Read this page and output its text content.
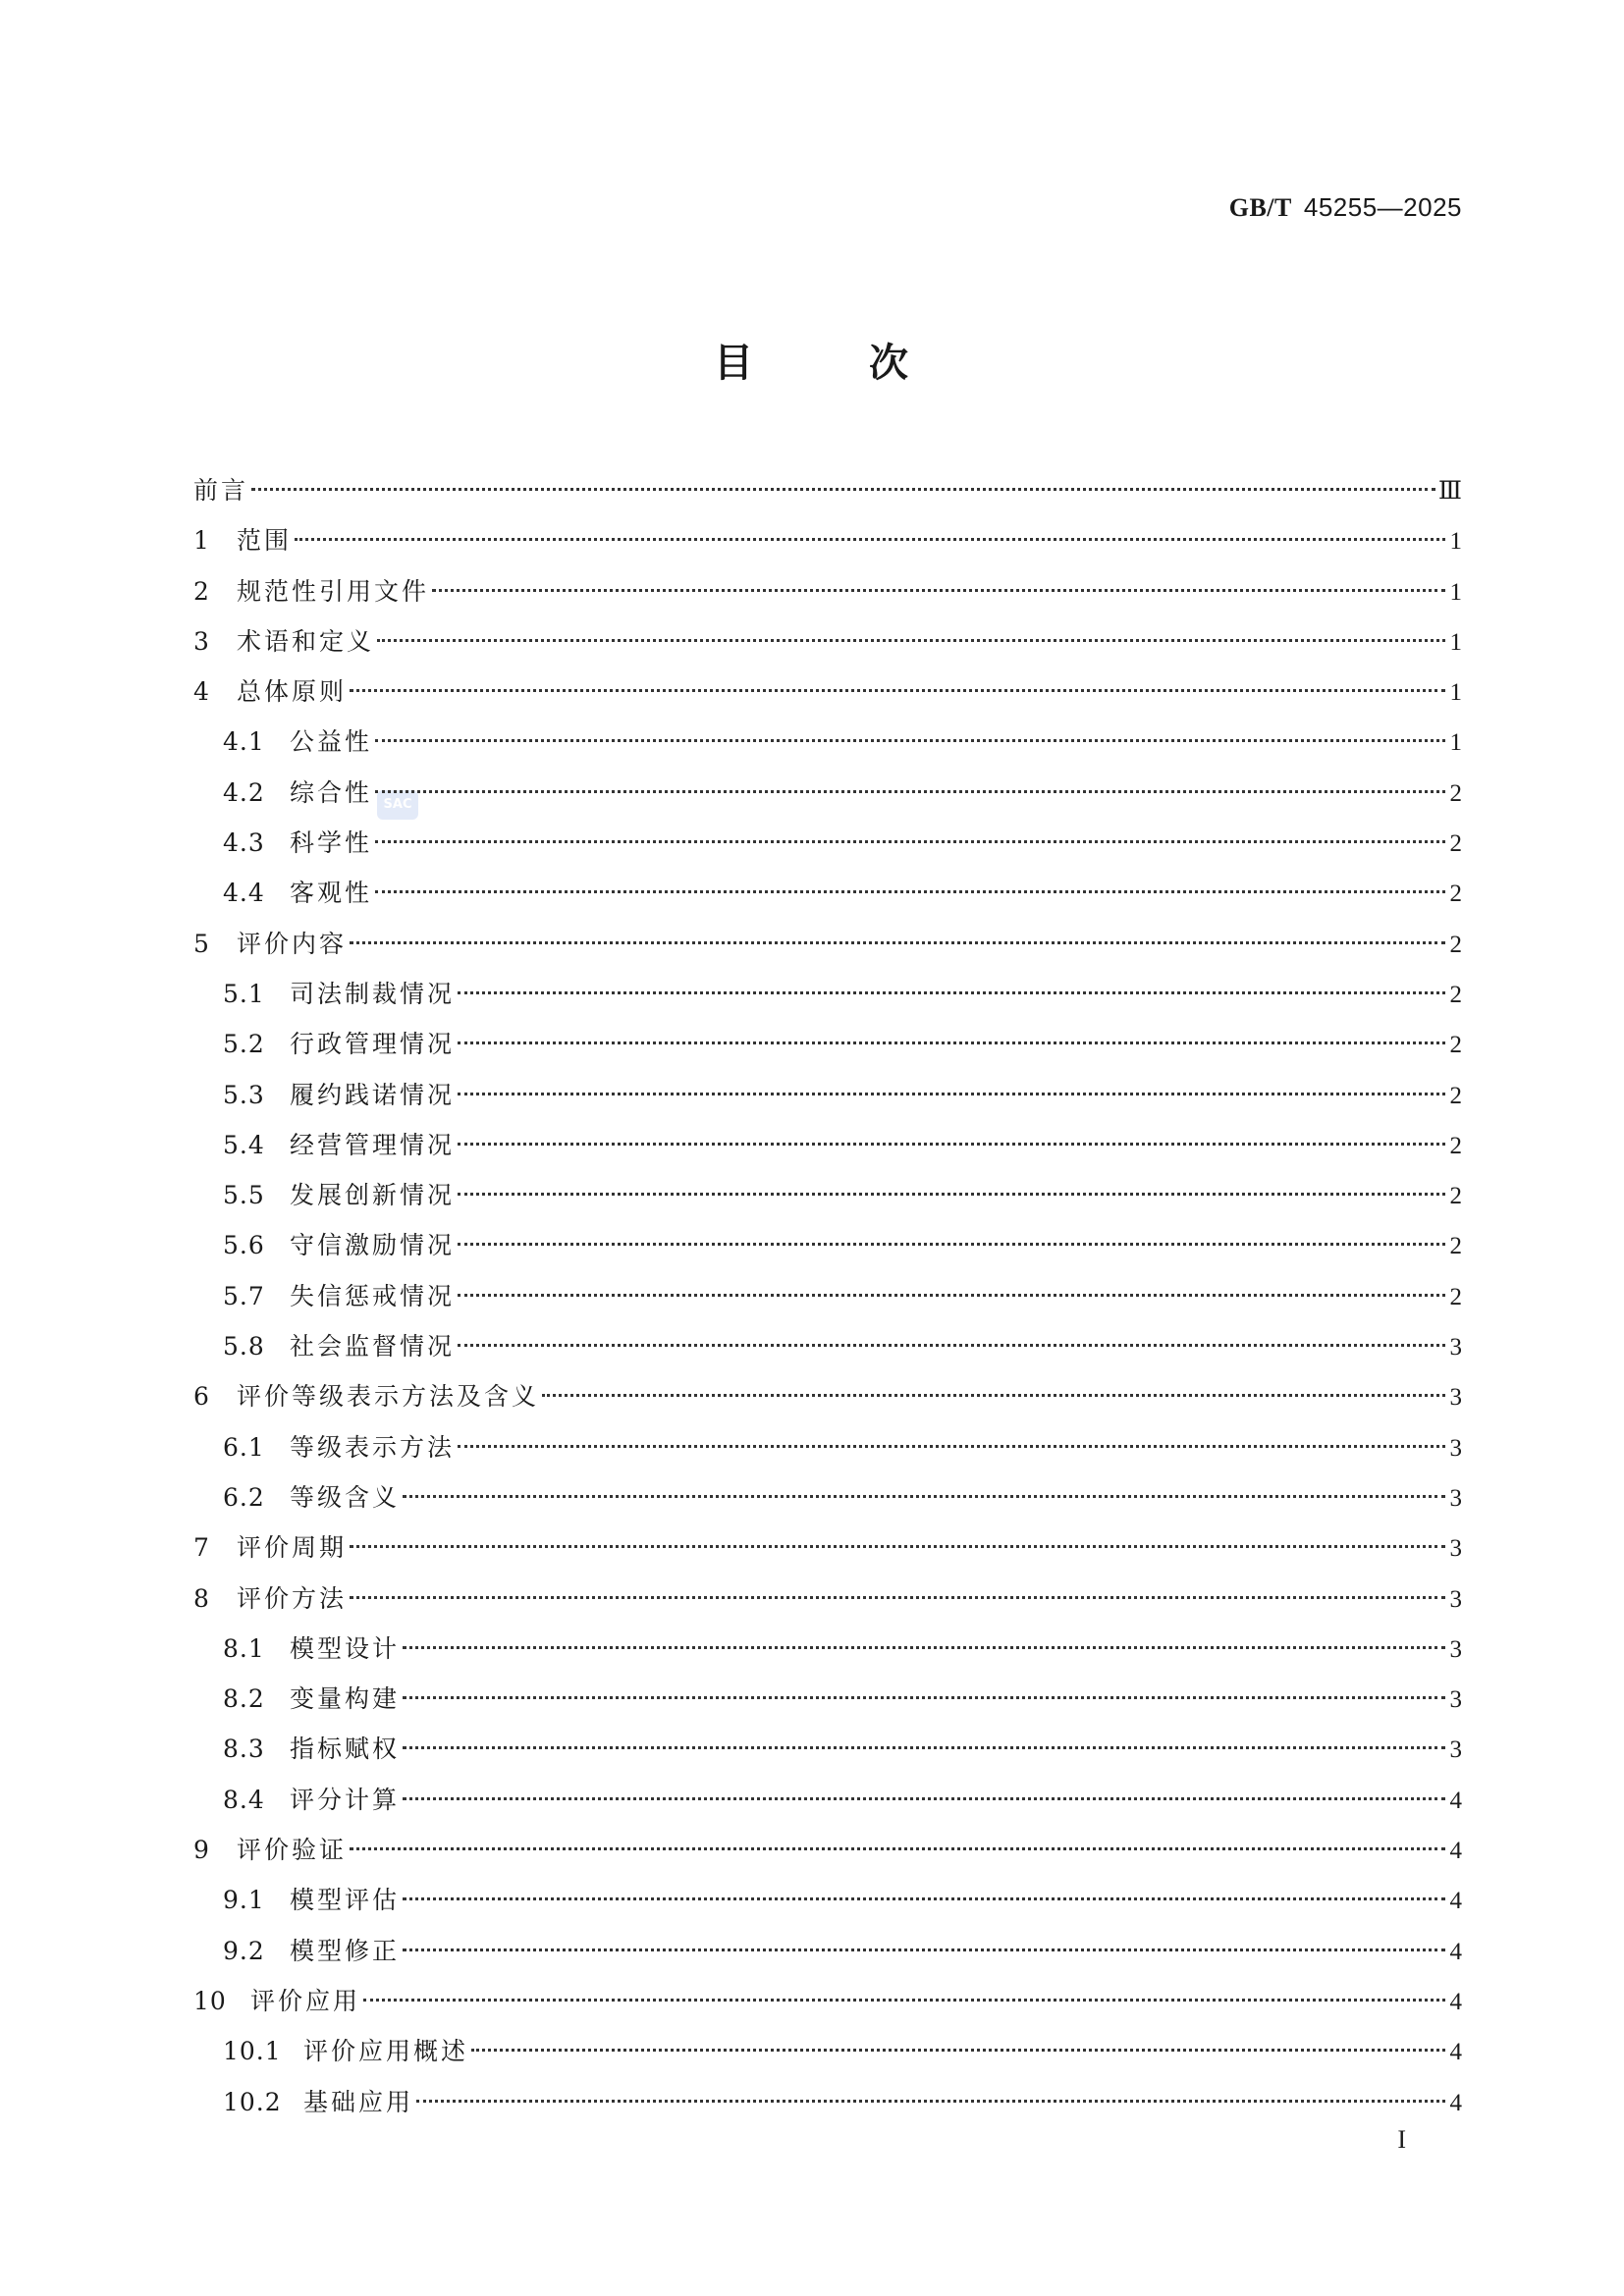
GB/T 45255—2025
目	次
SAC
前言	Ⅲ
1	范围	1
2	规范性引用文件	1
3	术语和定义	1
4	总体原则	1
4.1	公益性	1
4.2	综合性	2
4.3	科学性	2
4.4	客观性	2
5	评价内容	2
5.1	司法制裁情况	2
5.2	行政管理情况	2
5.3	履约践诺情况	2
5.4	经营管理情况	2
5.5	发展创新情况	2
5.6	守信激励情况	2
5.7	失信惩戒情况	2
5.8	社会监督情况	3
6	评价等级表示方法及含义	3
6.1	等级表示方法	3
6.2	等级含义	3
7	评价周期	3
8	评价方法	3
8.1	模型设计	3
8.2	变量构建	3
8.3	指标赋权	3
8.4	评分计算	4
9	评价验证	4
9.1	模型评估	4
9.2	模型修正	4
10 评价应用	4
10.1 评价应用概述	4
10.2 基础应用	4
I
